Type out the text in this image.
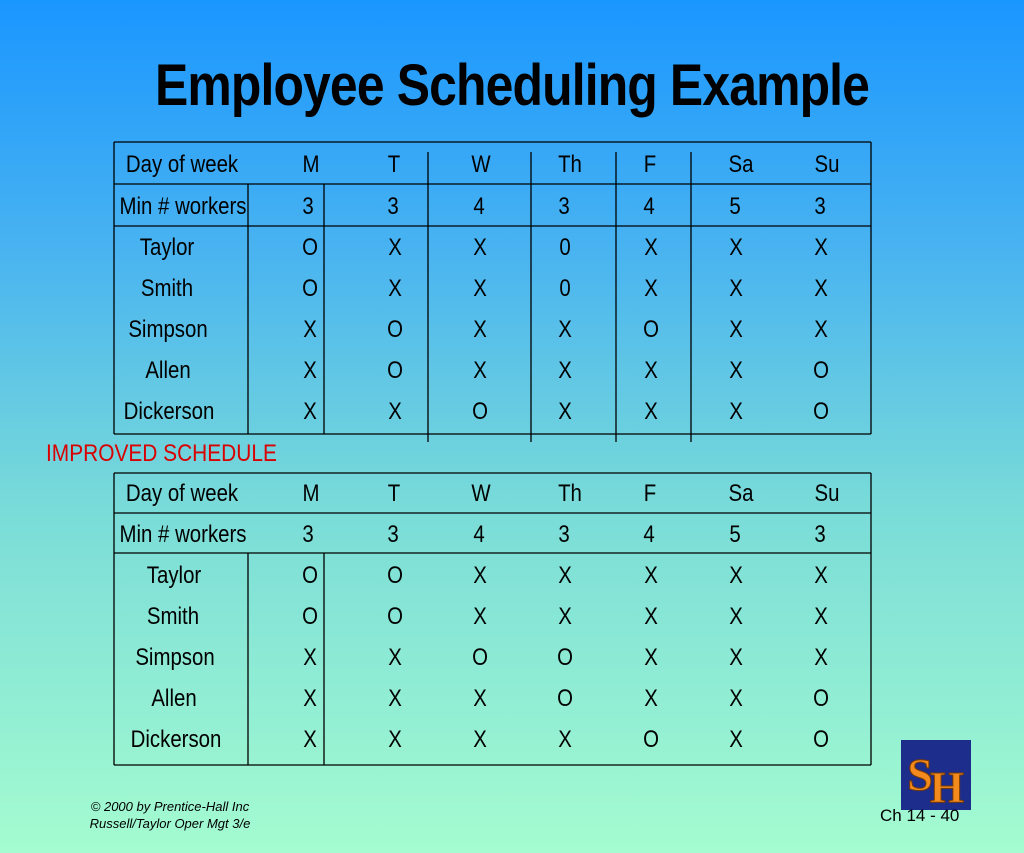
Employee Scheduling Example
Day of week	M	T	W	Th	F	Sa	Su
Min # workers 3	3	4	3	4	5	3
Taylor	O	X	X	0	X	X	X
Smith	O	X	X	0	X	X	X
Simpson	X	O	X	X	O	X	X
Allen	X	O	X	X	X	X	O
Dickerson	X	X	O	X	X	X	O
IMPROVED SCHEDULE
Day of week	M	T	W	Th	F	Sa	Su
Min # workers 3	3	4	3	4	5	3
Taylor	O	O	X	X	X	X	X
Smith	O	O	X	X	X	X	X
Simpson	X	X	O	O	X	X	X
Allen	X	X	X	O	X	X	O
Dickerson	X	X	X	X	O	X	O
S
H
© 2000 by Prentice-Hall Inc
Russell/Taylor Oper Mgt 3/e	Ch 14 - 40
